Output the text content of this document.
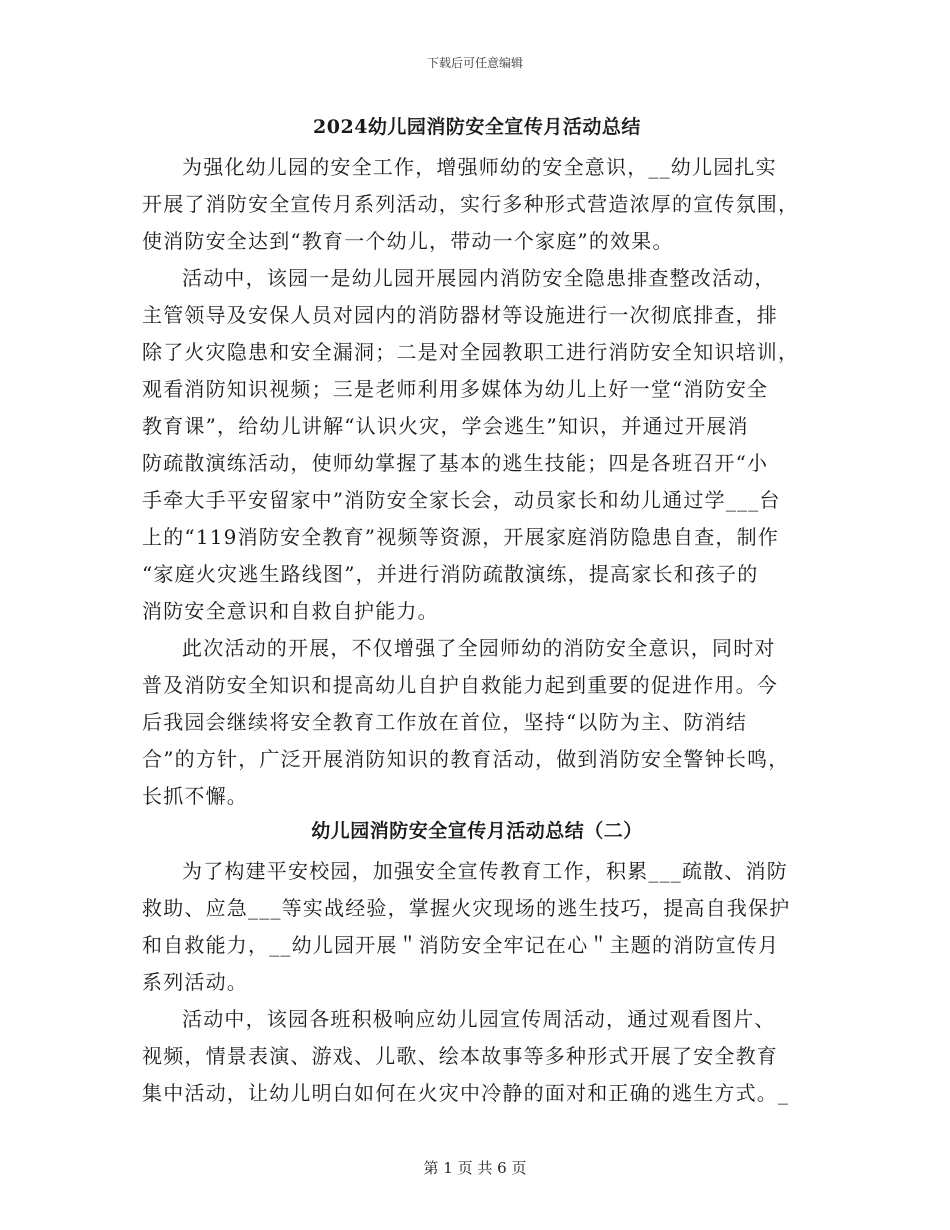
下载后可任意编辑
2024幼儿园消防安全宣传月活动总结
为强化幼儿园的安全工作，增强师幼的安全意识，__幼儿园扎实
开展了消防安全宣传月系列活动，实行多种形式营造浓厚的宣传氛围，
使消防安全达到“教育一个幼儿，带动一个家庭”的效果。
活动中，该园一是幼儿园开展园内消防安全隐患排查整改活动，
主管领导及安保人员对园内的消防器材等设施进行一次彻底排查，排
除了火灾隐患和安全漏洞；二是对全园教职工进行消防安全知识培训，
观看消防知识视频；三是老师利用多媒体为幼儿上好一堂“消防安全
教育课”，给幼儿讲解“认识火灾，学会逃生”知识，并通过开展消
防疏散演练活动，使师幼掌握了基本的逃生技能；四是各班召开“小
手牵大手平安留家中”消防安全家长会，动员家长和幼儿通过学___台
上的“119消防安全教育”视频等资源，开展家庭消防隐患自查，制作
“家庭火灾逃生路线图”，并进行消防疏散演练，提高家长和孩子的
消防安全意识和自救自护能力。
此次活动的开展，不仅增强了全园师幼的消防安全意识，同时对
普及消防安全知识和提高幼儿自护自救能力起到重要的促进作用。今
后我园会继续将安全教育工作放在首位，坚持“以防为主、防消结
合”的方针，广泛开展消防知识的教育活动，做到消防安全警钟长鸣，
长抓不懈。
幼儿园消防安全宣传月活动总结（二）
为了构建平安校园，加强安全宣传教育工作，积累___疏散、消防
救助、应急___等实战经验，掌握火灾现场的逃生技巧，提高自我保护
和自救能力，__幼儿园开展＂消防安全牢记在心＂主题的消防宣传月
系列活动。
活动中，该园各班积极响应幼儿园宣传周活动，通过观看图片、
视频，情景表演、游戏、儿歌、绘本故事等多种形式开展了安全教育
集中活动，让幼儿明白如何在火灾中冷静的面对和正确的逃生方式。_
第 1 页 共 6 页
